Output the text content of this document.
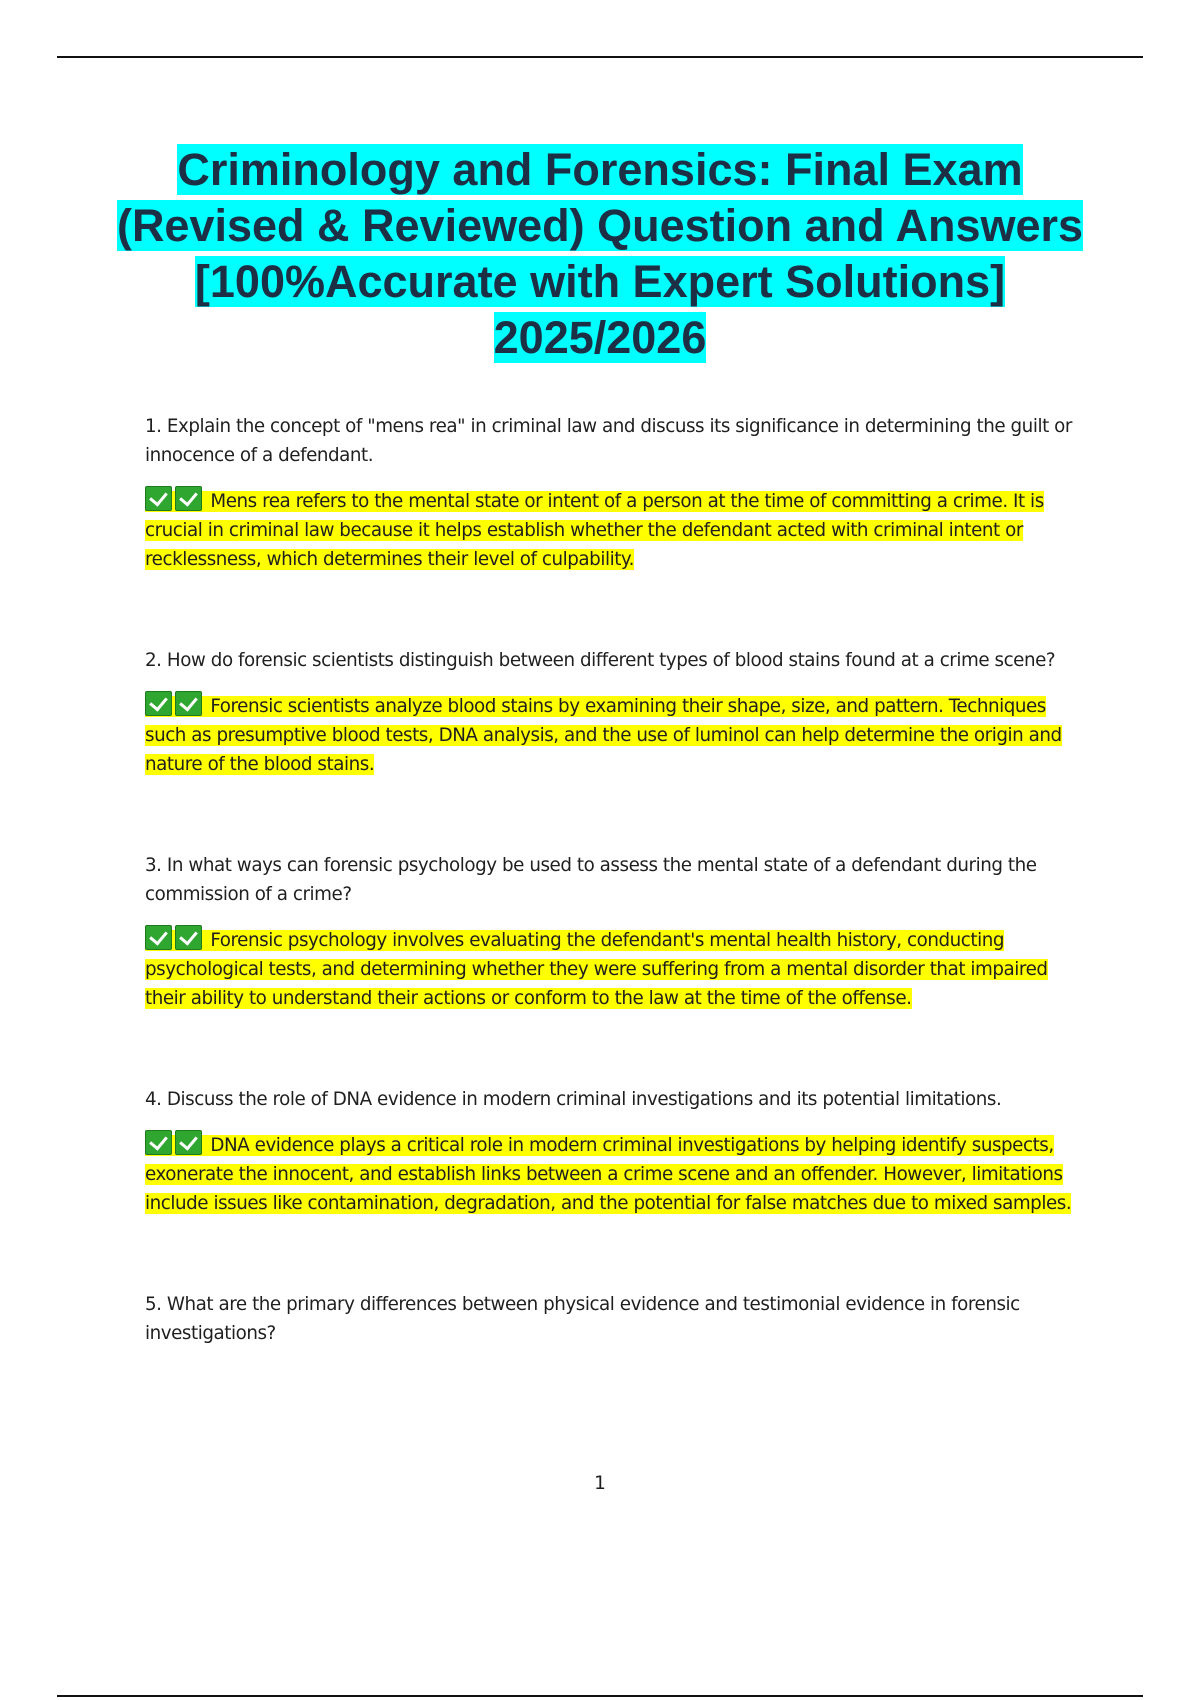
Criminology and Forensics: Final Exam (Revised & Reviewed) Question and Answers [100%Accurate with Expert Solutions] 2025/2026

1. Explain the concept of "mens rea" in criminal law and discuss its significance in determining the guilt or innocence of a defendant.

Mens rea refers to the mental state or intent of a person at the time of committing a crime. It is crucial in criminal law because it helps establish whether the defendant acted with criminal intent or recklessness, which determines their level of culpability.

2. How do forensic scientists distinguish between different types of blood stains found at a crime scene?

Forensic scientists analyze blood stains by examining their shape, size, and pattern. Techniques such as presumptive blood tests, DNA analysis, and the use of luminol can help determine the origin and nature of the blood stains.

3. In what ways can forensic psychology be used to assess the mental state of a defendant during the commission of a crime?

Forensic psychology involves evaluating the defendant's mental health history, conducting psychological tests, and determining whether they were suffering from a mental disorder that impaired their ability to understand their actions or conform to the law at the time of the offense.

4. Discuss the role of DNA evidence in modern criminal investigations and its potential limitations.

DNA evidence plays a critical role in modern criminal investigations by helping identify suspects, exonerate the innocent, and establish links between a crime scene and an offender. However, limitations include issues like contamination, degradation, and the potential for false matches due to mixed samples.

5. What are the primary differences between physical evidence and testimonial evidence in forensic investigations?

1
